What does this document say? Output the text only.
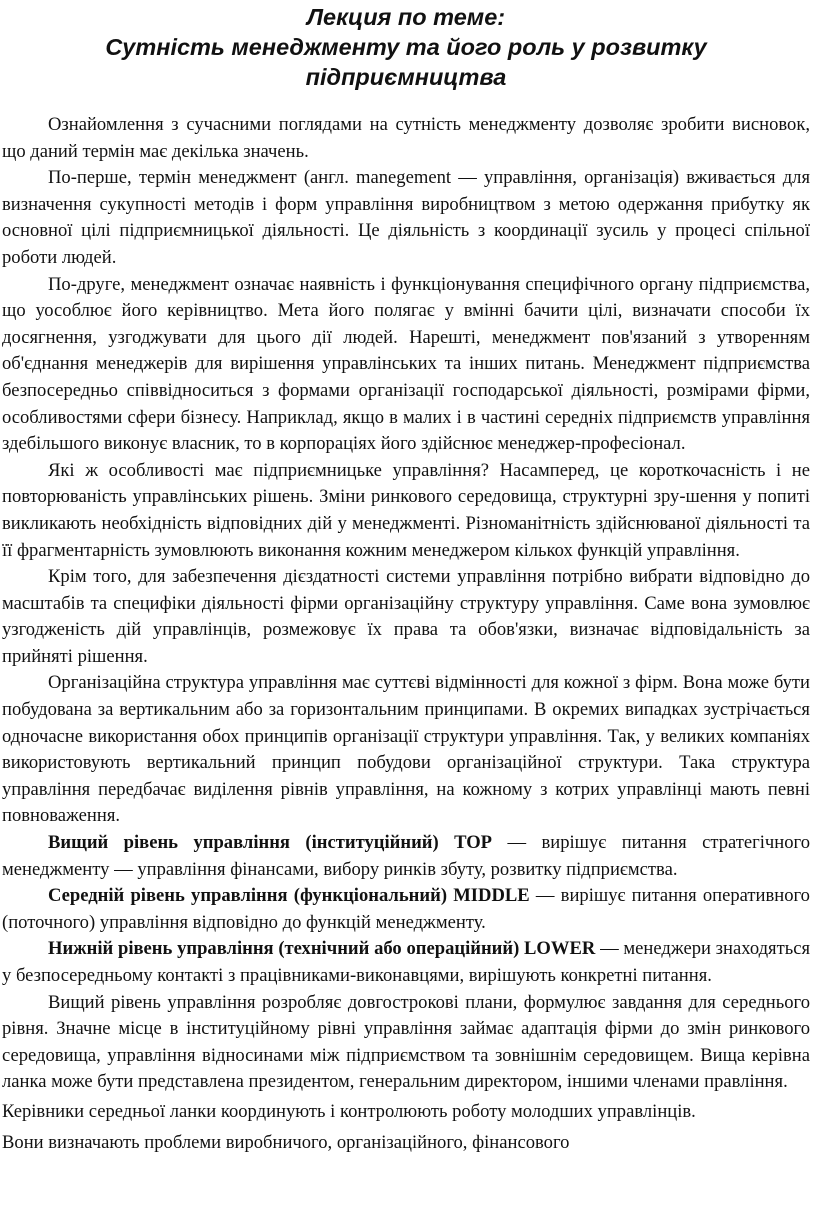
Лекция по теме:
Сутність менеджменту та його роль у розвитку
підприємництва

Ознайомлення з сучасними поглядами на сутність менеджменту дозволяє зробити висновок, що даний термін має декілька значень.

По-перше, термін менеджмент (англ. manegement — управління, організація) вживається для визначення сукупності методів і форм управління виробництвом з метою одержання прибутку як основної цілі підприємницької діяльності. Це діяльність з координації зусиль у процесі спільної роботи людей.

По-друге, менеджмент означає наявність і функціонування специфічного органу підприємства, що уособлює його керівництво. Мета його полягає у вмінні бачити цілі, визначати способи їх досягнення, узгоджувати для цього дії людей. Нарешті, менеджмент пов'язаний з утворенням об'єднання менеджерів для вирішення управлінських та інших питань. Менеджмент підприємства безпосередньо співвідноситься з формами організації господарської діяльності, розмірами фірми, особливостями сфери бізнесу. Наприклад, якщо в малих і в частині середніх підприємств управління здебільшого виконує власник, то в корпораціях його здійснює менеджер-професіонал.

Які ж особливості має підприємницьке управління? Насамперед, це короткочасність і не повторюваність управлінських рішень. Зміни ринкового середовища, структурні зру-шення у попиті викликають необхідність відповідних дій у менеджменті. Різноманітність здійснюваної діяльності та її фрагментарність зумовлюють виконання кожним менеджером кількох функцій управління.

Крім того, для забезпечення дієздатності системи управління потрібно вибрати відповідно до масштабів та специфіки діяльності фірми організаційну структуру управління. Саме вона зумовлює узгодженість дій управлінців, розмежовує їх права та обов'язки, визначає відповідальність за прийняті рішення.

Організаційна структура управління має суттєві відмінності для кожної з фірм. Вона може бути побудована за вертикальним або за горизонтальним принципами. В окремих випадках зустрічається одночасне використання обох принципів організації структури управління. Так, у великих компаніях використовують вертикальний принцип побудови організаційної структури. Така структура управління передбачає виділення рівнів управління, на кожному з котрих управлінці мають певні повноваження.

Вищий рівень управління (інституційний) TOP — вирішує питання стратегічного менеджменту — управління фінансами, вибору ринків збуту, розвитку підприємства.

Середній рівень управління (функціональний) MIDDLE — вирішує питання оперативного (поточного) управління відповідно до функцій менеджменту.

Нижній рівень управління (технічний або операційний) LOWER — менеджери знаходяться у безпосередньому контакті з працівниками-виконавцями, вирішують конкретні питання.

Вищий рівень управління розробляє довгострокові плани, формулює завдання для середнього рівня. Значне місце в інституційному рівні управління займає адаптація фірми до змін ринкового середовища, управління відносинами між підприємством та зовнішнім середовищем. Вища керівна ланка може бути представлена президентом, генеральним директором, іншими членами правління.

Керівники середньої ланки координують і контролюють роботу молодших управлінців.

Вони визначають проблеми виробничого, організаційного, фінансового
